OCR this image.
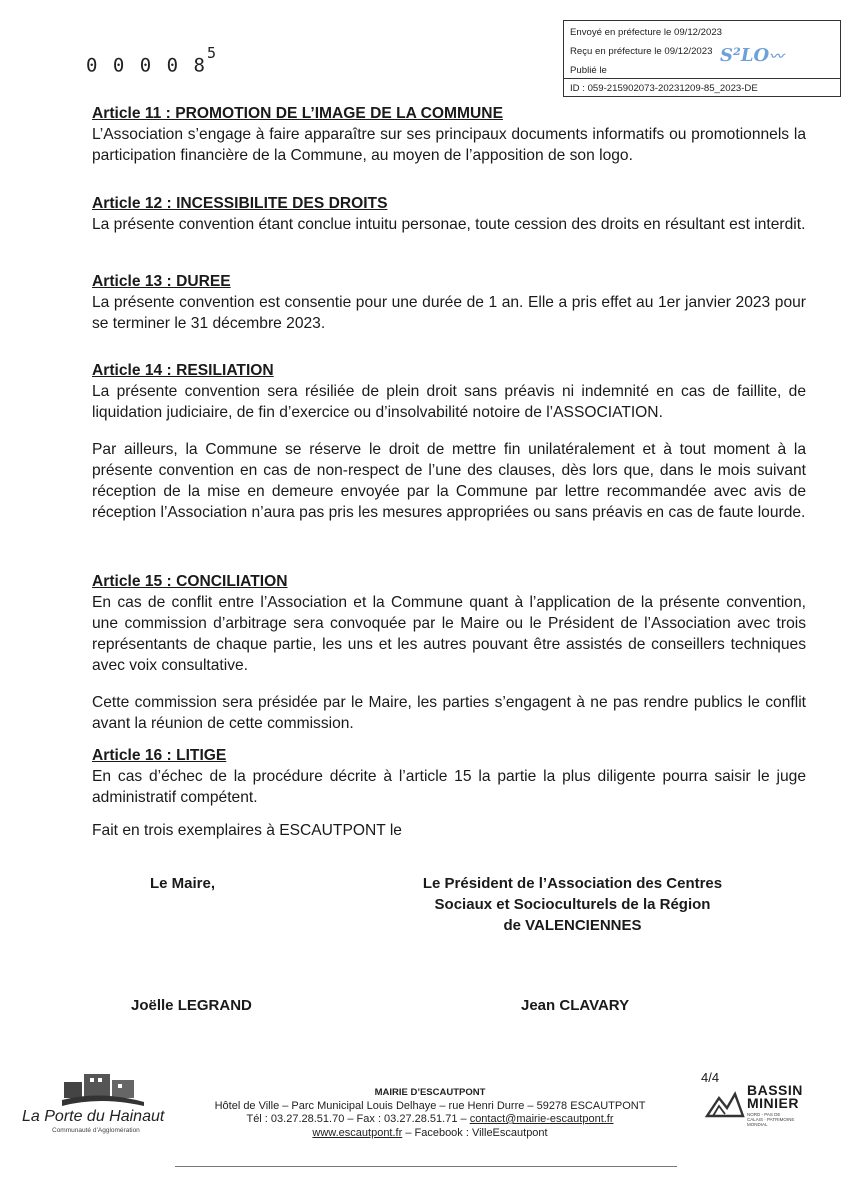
0 0 0 0 $8^5$
Envoyé en préfecture le 09/12/2023
Reçu en préfecture le 09/12/2023
Publié le
ID : 059-215902073-20231209-85_2023-DE
S²LO〰
Article 11 : PROMOTION DE L’IMAGE DE LA COMMUNE

L’Association s’engage à faire apparaître sur ses principaux documents informatifs ou promotionnels la participation financière de la Commune, au moyen de l’apposition de son logo.

Article 12 : INCESSIBILITE DES DROITS

La présente convention étant conclue intuitu personae, toute cession des droits en résultant est interdit.

Article 13 : DUREE

La présente convention est consentie pour une durée de 1 an. Elle a pris effet au 1er janvier 2023 pour se terminer le 31 décembre 2023.

Article 14 : RESILIATION

La présente convention sera résiliée de plein droit sans préavis ni indemnité en cas de faillite, de liquidation judiciaire, de fin d’exercice ou d’insolvabilité notoire de l’ASSOCIATION.

Par ailleurs, la Commune se réserve le droit de mettre fin unilatéralement et à tout moment à la présente convention en cas de non-respect de l’une des clauses, dès lors que, dans le mois suivant réception de la mise en demeure envoyée par la Commune par lettre recommandée avec avis de réception l’Association n’aura pas pris les mesures appropriées ou sans préavis en cas de faute lourde.

Article 15 : CONCILIATION

En cas de conflit entre l’Association et la Commune quant à l’application de la présente convention, une commission d’arbitrage sera convoquée par le Maire ou le Président de l’Association avec trois représentants de chaque partie, les uns et les autres pouvant être assistés de conseillers techniques avec voix consultative.

Cette commission sera présidée par le Maire, les parties s’engagent à ne pas rendre publics le conflit avant la réunion de cette commission.

Article 16 : LITIGE

En cas d’échec de la procédure décrite à l’article 15 la partie la plus diligente pourra saisir le juge administratif compétent.

Fait en trois exemplaires à ESCAUTPONT le
Le Maire,	Le Président de l’Association des Centres
Sociaux et Socioculturels de la Région
de VALENCIENNES
Joëlle LEGRAND	Jean CLAVARY
La Porte du Hainaut
Communauté d’Agglomération
MAIRIE D’ESCAUTPONT
Hôtel de Ville – Parc Municipal Louis Delhaye – rue Henri Durre – 59278 ESCAUTPONT
Tél : 03.27.28.51.70 – Fax : 03.27.28.51.71 – contact@mairie-escautpont.fr
www.escautpont.fr – Facebook : VilleEscautpont
4/4
BASSIN
MINIER
NORD - PAS DE CALAIS · PATRIMOINE MONDIAL
